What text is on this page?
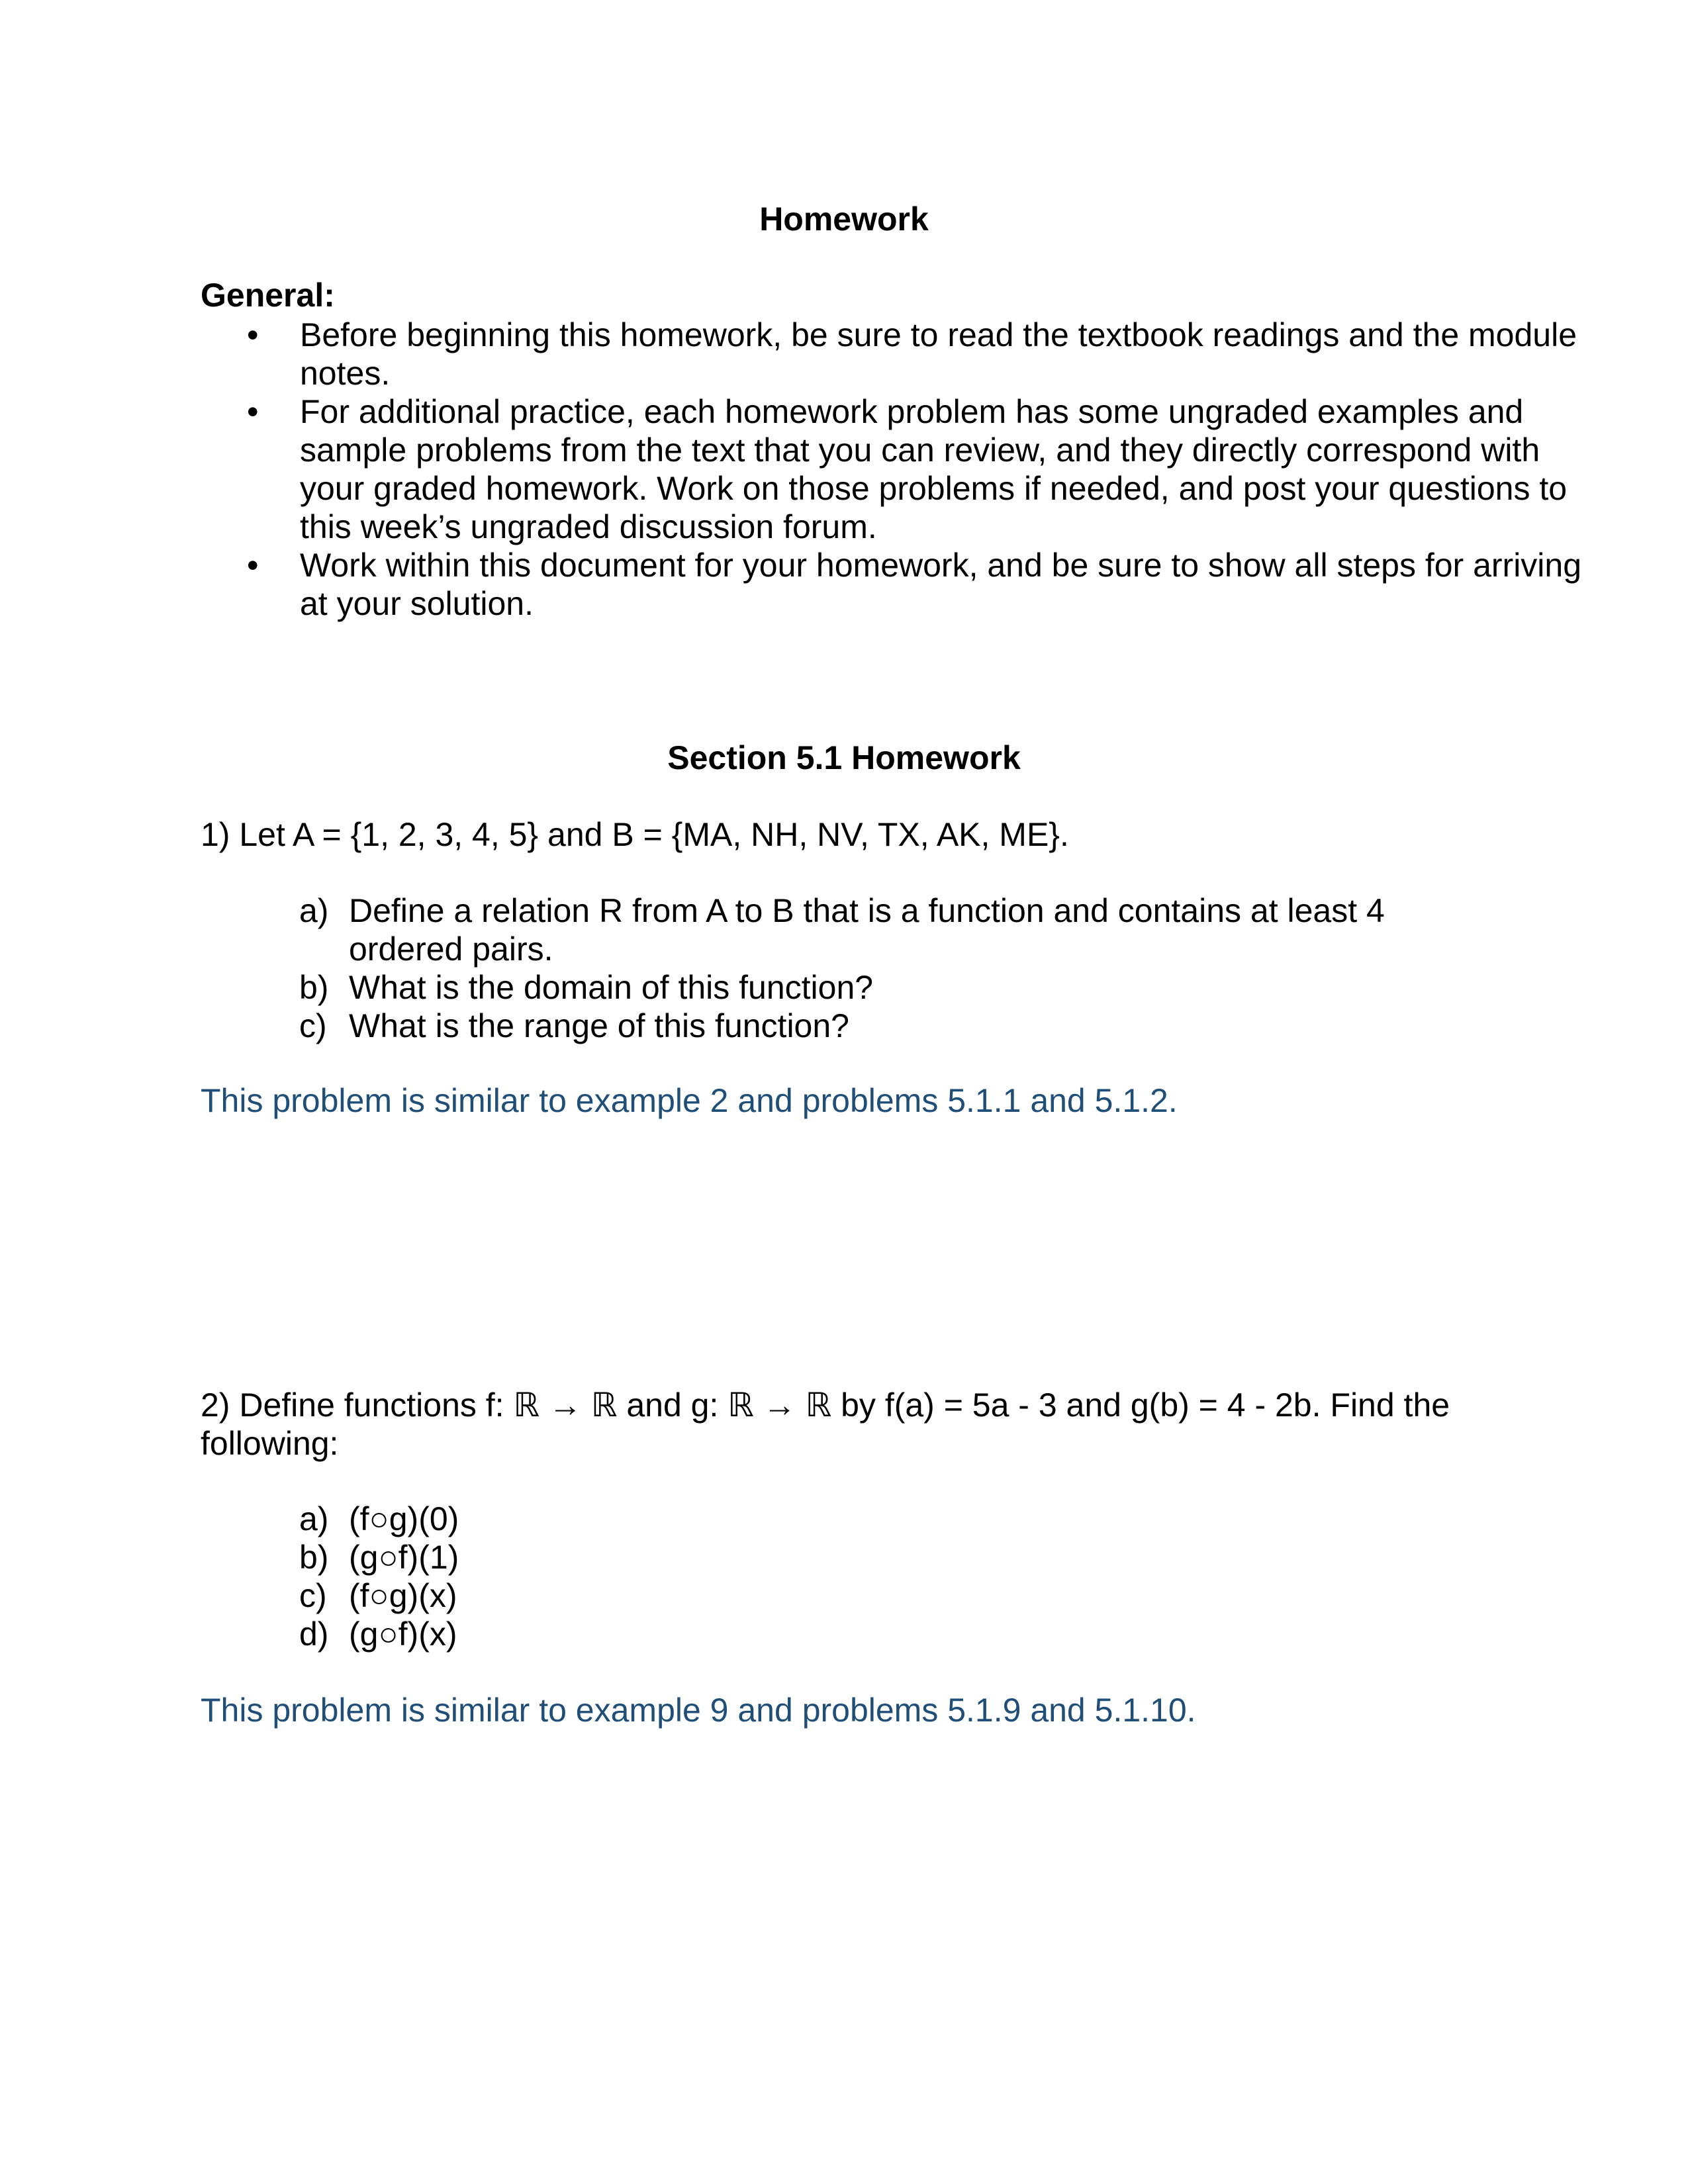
Homework
General:
• Before beginning this homework, be sure to read the textbook readings and the module notes.
• For additional practice, each homework problem has some ungraded examples and sample problems from the text that you can review, and they directly correspond with your graded homework. Work on those problems if needed, and post your questions to this week’s ungraded discussion forum.
• Work within this document for your homework, and be sure to show all steps for arriving at your solution.
Section 5.1 Homework
1) Let A = {1, 2, 3, 4, 5} and B = {MA, NH, NV, TX, AK, ME}.
a) Define a relation R from A to B that is a function and contains at least 4 ordered pairs.
b) What is the domain of this function?
c) What is the range of this function?
This problem is similar to example 2 and problems 5.1.1 and 5.1.2.
2) Define functions f: ℝ → ℝ and g: ℝ → ℝ by f(a) = 5a - 3 and g(b) = 4 - 2b. Find the following:
a) (f○g)(0)
b) (g○f)(1)
c) (f○g)(x)
d) (g○f)(x)
This problem is similar to example 9 and problems 5.1.9 and 5.1.10.
